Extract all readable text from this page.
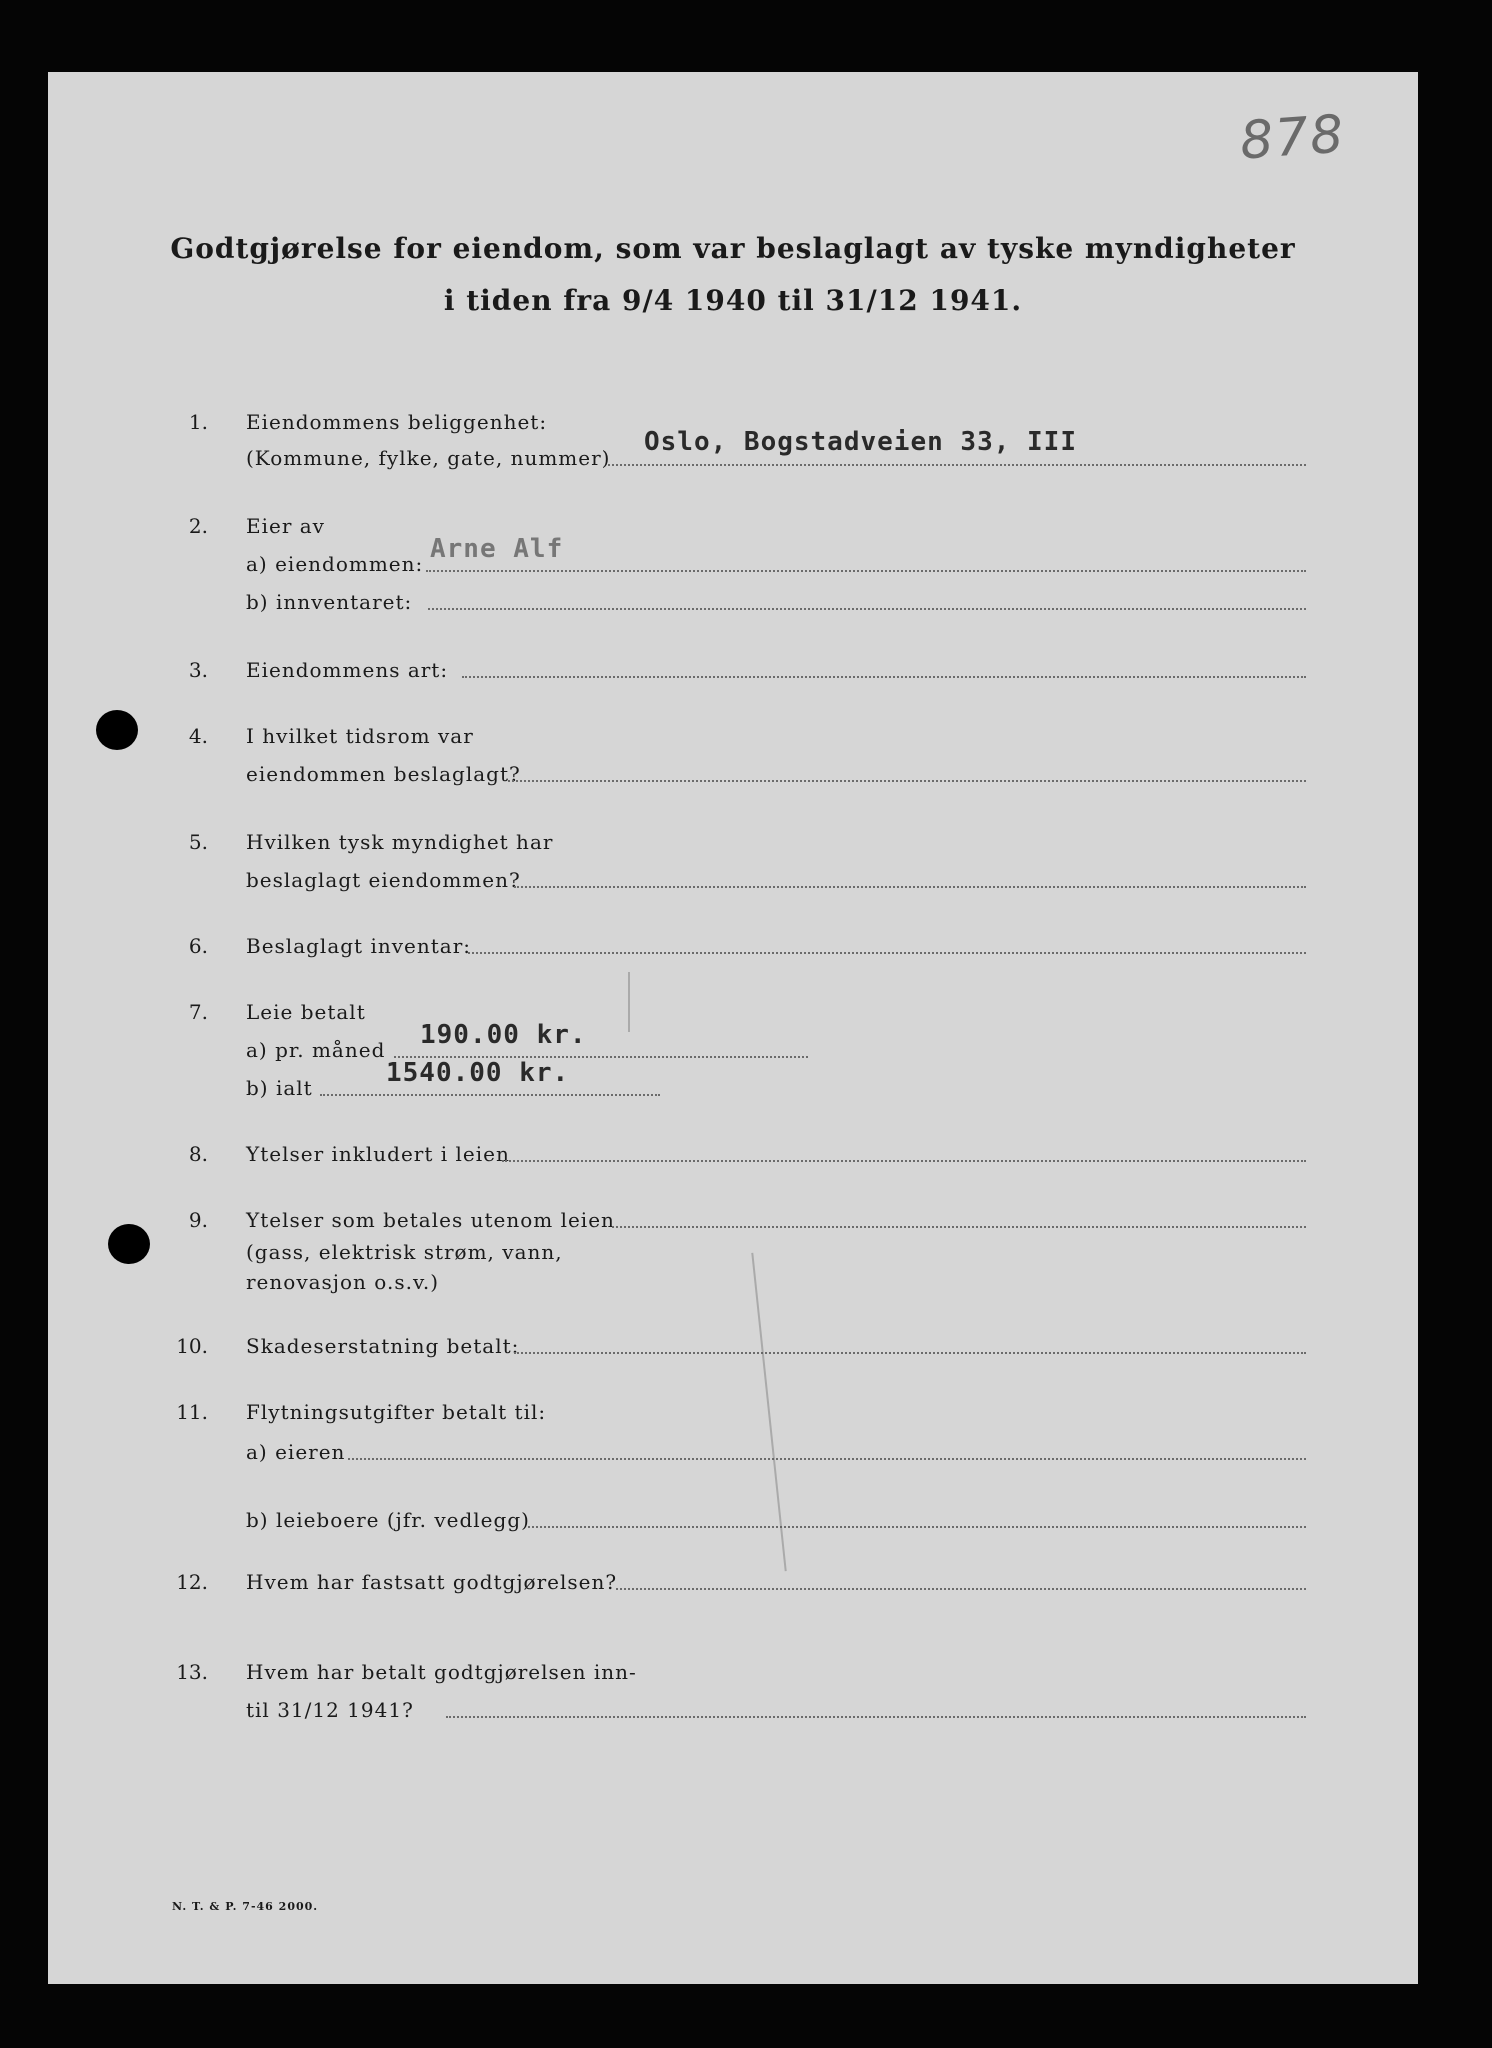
878
Godtgjørelse for eiendom, som var beslaglagt av tyske myndigheter
i tiden fra 9/4 1940 til 31/12 1941.
1. Eiendommens beliggenhet:
(Kommune, fylke, gate, nummer)
Oslo, Bogstadveien 33, III
2. Eier av
a) eiendommen: Arne Alf
b) innventaret:
3. Eiendommens art:
4. I hvilket tidsrom var
eiendommen beslaglagt?
5. Hvilken tysk myndighet har
beslaglagt eiendommen?
6. Beslaglagt inventar:
7. Leie betalt
a) pr. måned 190.00 kr.
b) ialt	1540.00 kr.
8. Ytelser inkludert i leien
9. Ytelser som betales utenom leien
(gass, elektrisk strøm, vann,
renovasjon o.s.v.)
10. Skadeserstatning betalt:
11. Flytningsutgifter betalt til:
a) eieren
b) leieboere (jfr. vedlegg)
12. Hvem har fastsatt godtgjørelsen?
13. Hvem har betalt godtgjørelsen inn-
til 31/12 1941?
N. T. & P. 7-46 2000.
